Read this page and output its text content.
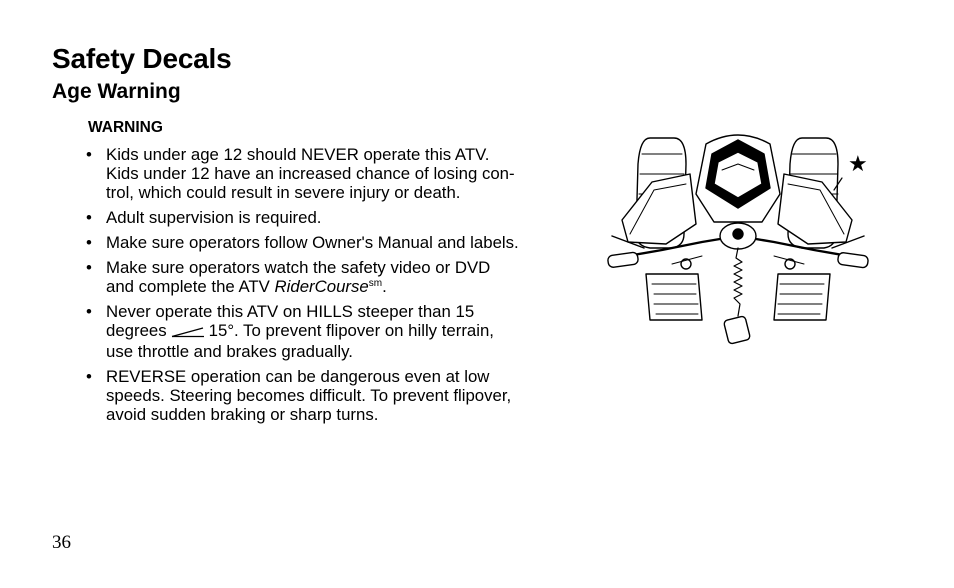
Safety Decals
Age Warning
WARNING
• Kids under age 12 should NEVER operate this ATV.
Kids under 12 have an increased chance of losing con-
trol, which could result in severe injury or death.
• Adult supervision is required.
• Make sure operators follow Owner's Manual and labels.
• Make sure operators watch the safety video or DVD
and complete the ATV RiderCourse$^{sm}$.
• Never operate this ATV on HILLS steeper than 15
degrees	15°. To prevent flipover on hilly terrain,
use throttle and brakes gradually.
• REVERSE operation can be dangerous even at low
speeds. Steering becomes difficult. To prevent flipover,
avoid sudden braking or sharp turns.
★
36
